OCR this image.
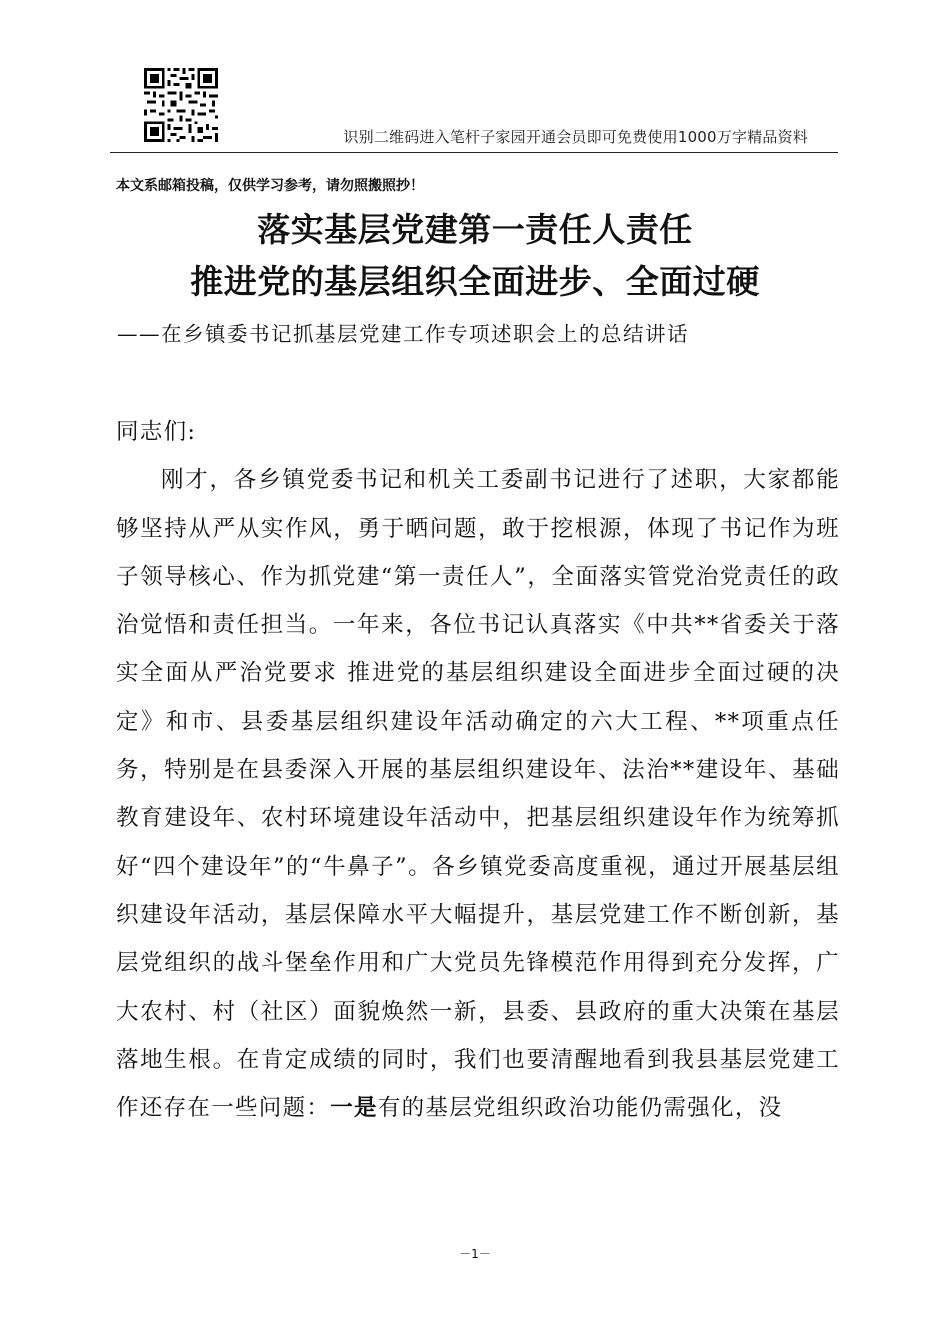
识别二维码进入笔杆子家园开通会员即可免费使用1000万字精品资料
本文系邮箱投稿，仅供学习参考，请勿照搬照抄！
落实基层党建第一责任人责任
推进党的基层组织全面进步、全面过硬
——在乡镇委书记抓基层党建工作专项述职会上的总结讲话

同志们:

刚才，各乡镇党委书记和机关工委副书记进行了述职，大家都能够坚持从严从实作风，勇于晒问题，敢于挖根源，体现了书记作为班子领导核心、作为抓党建“第一责任人”，全面落实管党治党责任的政治觉悟和责任担当。一年来，各位书记认真落实《中共**省委关于落实全面从严治党要求 推进党的基层组织建设全面进步全面过硬的决定》和市、县委基层组织建设年活动确定的六大工程、**项重点任务，特别是在县委深入开展的基层组织建设年、法治**建设年、基础教育建设年、农村环境建设年活动中，把基层组织建设年作为统筹抓好“四个建设年”的“牛鼻子”。各乡镇党委高度重视，通过开展基层组织建设年活动，基层保障水平大幅提升，基层党建工作不断创新，基层党组织的战斗堡垒作用和广大党员先锋模范作用得到充分发挥，广大农村、村（社区）面貌焕然一新，县委、县政府的重大决策在基层落地生根。在肯定成绩的同时，我们也要清醒地看到我县基层党建工作还存在一些问题：一是有的基层党组织政治功能仍需强化，没

－1－
